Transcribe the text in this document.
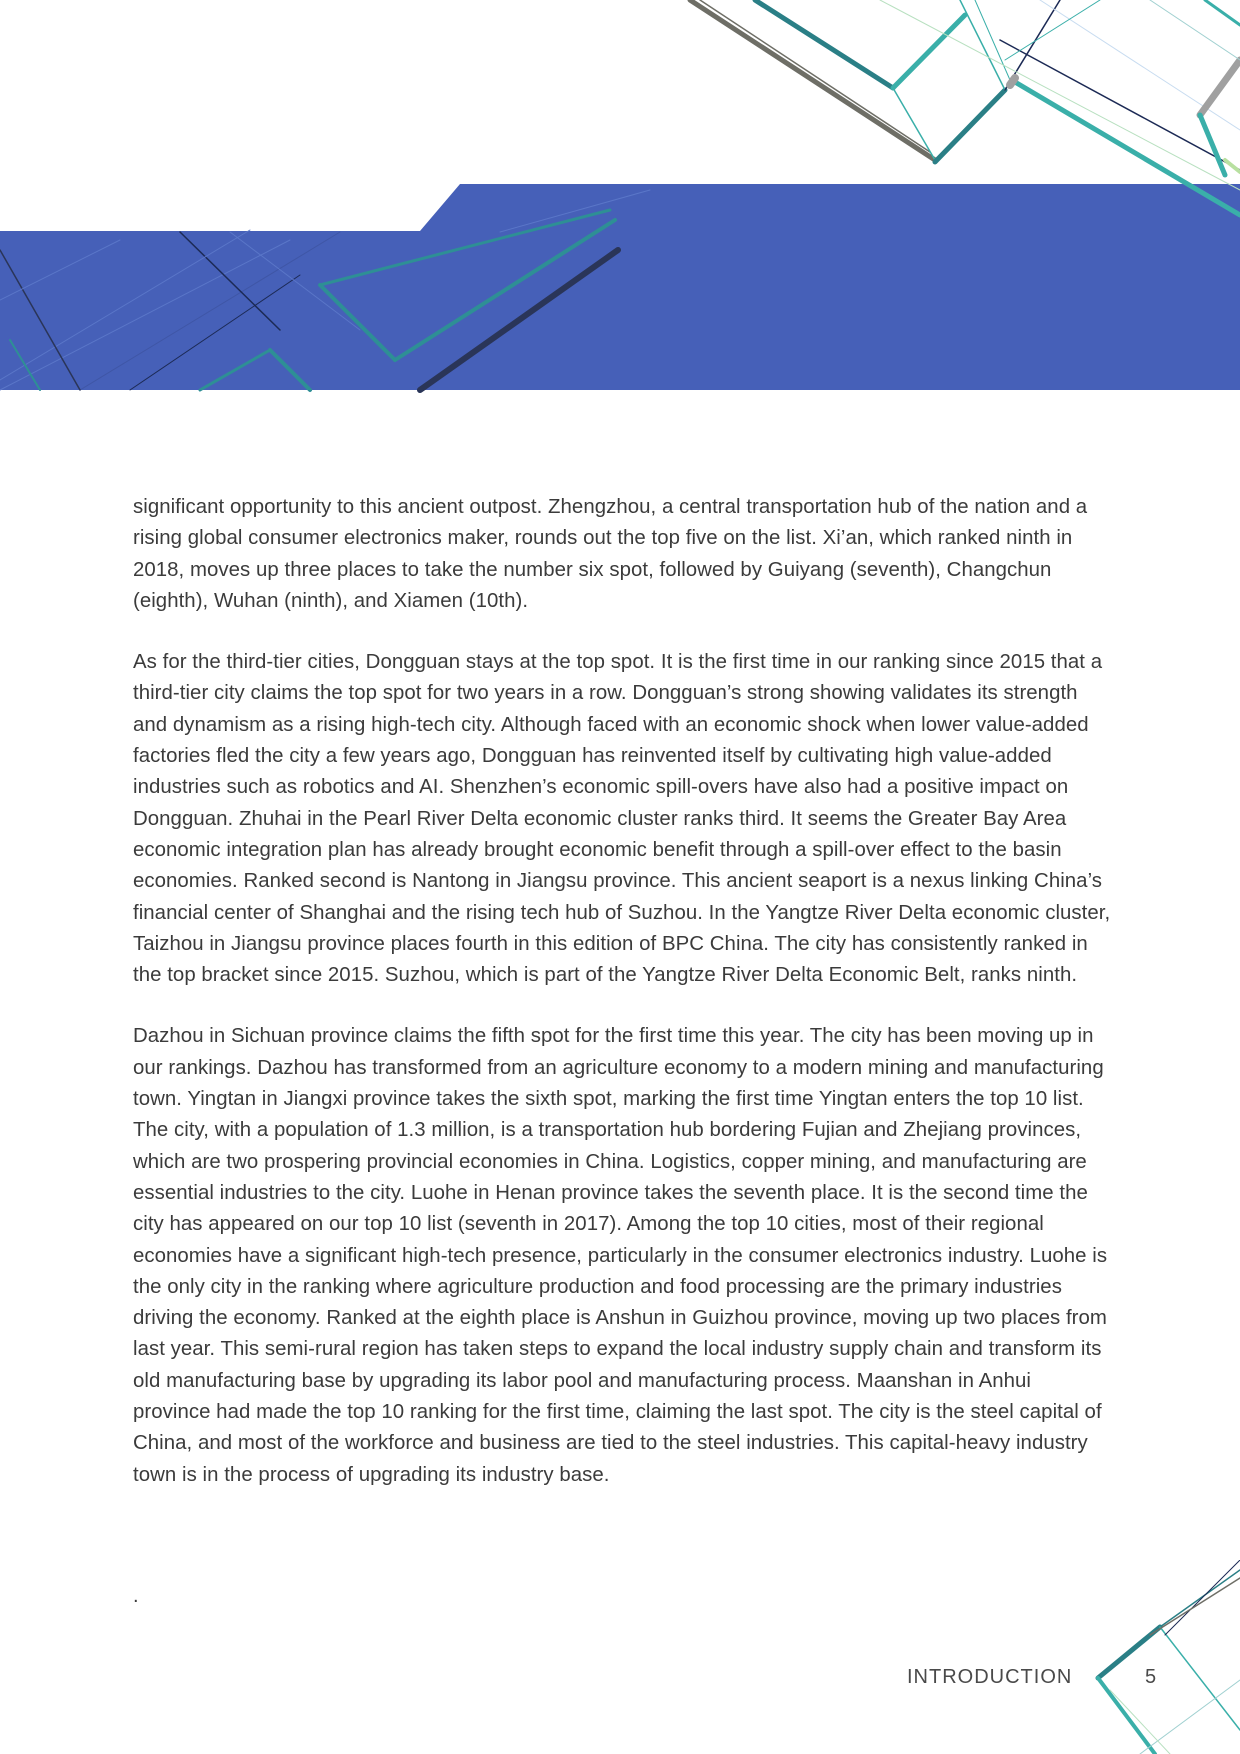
significant opportunity to this ancient outpost. Zhengzhou, a central transportation hub of the nation and a rising global consumer electronics maker, rounds out the top five on the list. Xi’an, which ranked ninth in 2018, moves up three places to take the number six spot, followed by Guiyang (seventh), Changchun (eighth), Wuhan (ninth), and Xiamen (10th).

As for the third-tier cities, Dongguan stays at the top spot. It is the first time in our ranking since 2015 that a third-tier city claims the top spot for two years in a row. Dongguan’s strong showing validates its strength and dynamism as a rising high-tech city. Although faced with an economic shock when lower value-added factories fled the city a few years ago, Dongguan has reinvented itself by cultivating high value-added industries such as robotics and AI. Shenzhen’s economic spill-overs have also had a positive impact on Dongguan. Zhuhai in the Pearl River Delta economic cluster ranks third. It seems the Greater Bay Area economic integration plan has already brought economic benefit through a spill-over effect to the basin economies. Ranked second is Nantong in Jiangsu province. This ancient seaport is a nexus linking China’s financial center of Shanghai and the rising tech hub of Suzhou. In the Yangtze River Delta economic cluster, Taizhou in Jiangsu province places fourth in this edition of BPC China. The city has consistently ranked in the top bracket since 2015. Suzhou, which is part of the Yangtze River Delta Economic Belt, ranks ninth.

Dazhou in Sichuan province claims the fifth spot for the first time this year. The city has been moving up in our rankings. Dazhou has transformed from an agriculture economy to a modern mining and manufacturing town. Yingtan in Jiangxi province takes the sixth spot, marking the first time Yingtan enters the top 10 list. The city, with a population of 1.3 million, is a transportation hub bordering Fujian and Zhejiang provinces, which are two prospering provincial economies in China. Logistics, copper mining, and manufacturing are essential industries to the city. Luohe in Henan province takes the seventh place. It is the second time the city has appeared on our top 10 list (seventh in 2017). Among the top 10 cities, most of their regional economies have a significant high-tech presence, particularly in the consumer electronics industry. Luohe is the only city in the ranking where agriculture production and food processing are the primary industries driving the economy. Ranked at the eighth place is Anshun in Guizhou province, moving up two places from last year. This semi-rural region has taken steps to expand the local industry supply chain and transform its old manufacturing base by upgrading its labor pool and manufacturing process. Maanshan in Anhui province had made the top 10 ranking for the first time, claiming the last spot. The city is the steel capital of China, and most of the workforce and business are tied to the steel industries. This capital-heavy industry town is in the process of upgrading its industry base.

.
INTRODUCTION	5
